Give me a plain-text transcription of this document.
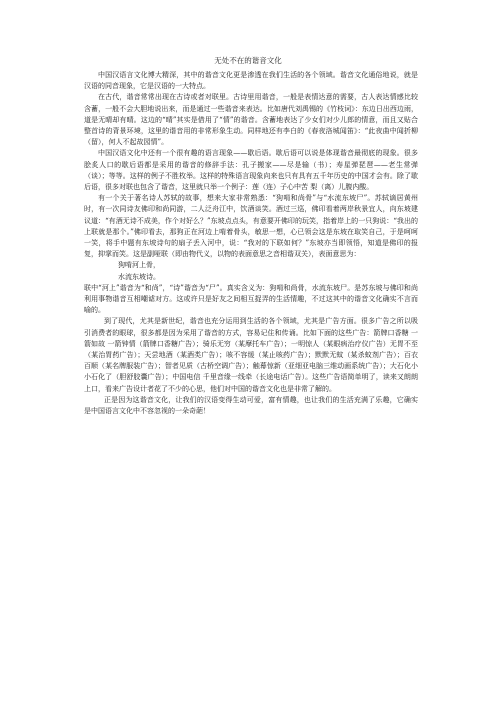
无处不在的谐音文化

中国汉语言文化博大精深，其中的谐音文化更是渗透在我们生活的各个领域。谐音文化通俗地说，就是汉语的同音现象，它是汉语的一大特点。

在古代，谐音常常出现在古诗或者对联里。古诗里用谐音，一般是表情达意的需要，古人表达情感比较含蓄，一般不会大胆地说出来，而是通过一些谐音来表达。比如唐代刘禹锡的《竹枝词》：东边日出西边雨，道是无晴却有晴。这边的“晴”其实是借用了“情”的谐音。含蓄地表达了少女们对少儿郎的情意，而且又贴合整首诗的背景环境，这里的谐音用的非常形象生动。同样地还有李白的《春夜洛城闻笛》：“此夜曲中闻折柳（留），何人不起故园情”。

中国汉语文化中还有一个很有趣的语言现象——歇后语。歇后语可以说是体现谐音最彻底的现象。很多脍炙人口的歇后语都是采用的谐音的修辞手法：孔子搬家——尽是输（书）；寿星弹琵琶——老生常弹（谈）；等等。这样的例子不胜枚举。这样的特殊语言现象向来也只有具有五千年历史的中国才会有。除了歇后语，很多对联也包含了谐音，这里就只举一个例子：莲（连）子心中苦 梨（离）儿腹内酸。

有一个关于著名诗人苏轼的故事，想来大家非常熟悉：“狗啃和尚骨”与“水流东坡尸”。苏轼谪居黄州时，有一次同诗友佛印和尚同游，二人泛舟江中，饮酒谈笑。酒过三巡，佛印看着两岸秋景宜人，向东坡建议道：“有酒无诗不成美，作个对好么？”东坡点点头，有意要开佛印的玩笑，指着岸上的一只狗说：“我出的上联就是那个。”佛印看去，那狗正在河边上啃着骨头，敏思一想，心已领会这是东坡在取笑自己，于是呵呵一笑，将手中题有东坡诗句的扇子丢入河中，说：“我对的下联如何？”东坡亦当即领悟，知道是佛印的报复，抑掌而笑。这是副哑联（即由物代义，以物的表面意思之音相谐双关），表面意思为：

狗啃河上骨，

水流东坡诗。

联中“河上”谐音为“和尚”，“诗”谐音为“尸”。真实含义为：狗啃和尚骨，水流东坡尸。是苏东坡与佛印和尚利用事物谐音互相嘲谑对方。这或许只是好友之间相互捉弄的生活情趣，不过这其中的谐音文化确实不言而喻的。

到了现代，尤其是新世纪，谐音也充分运用到生活的各个领域，尤其是广告方面。很多广告之所以吸引消费者的眼球，很多都是因为采用了谐音的方式，容易记住和传诵。比如下面的这些广告：箭牌口香糖 一箭如故 一箭钟情（箭牌口香糖广告）；骑乐无穷（某摩托车广告）；一明惊人（某眼病治疗仪广告）无胃不至（某治胃药广告）；天尝地酒（某酒类广告）；咳不容缓（某止咳药广告）；默默无蚊（某杀蚊剂广告）；百衣百顺（某名牌服装广告）；智者见质（古桥空调广告）；触幕惊新（亚细亚电脑三维动画系统广告）；大石化小 小石化了（胆舒胶囊广告）；中国电信 千里音缘一线牵（长途电话广告）。这些广告语简单明了，读来又朗朗上口，看来广告设计者花了不少的心思，他们对中国的谐音文化也是非常了解的。

正是因为这谐音文化，让我们的汉语变得生动可爱，富有情趣，也让我们的生活充满了乐趣，它确实是中国语言文化中不容忽视的一朵奇葩！
